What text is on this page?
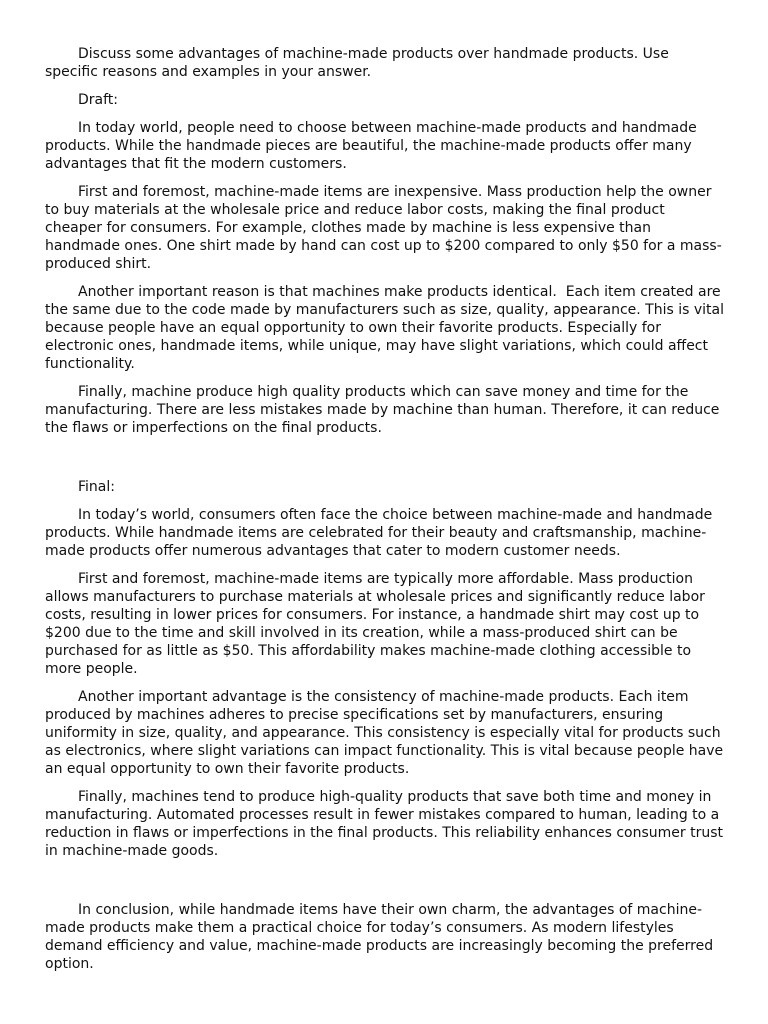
Discuss some advantages of machine-made products over handmade products. Use specific reasons and examples in your answer.

Draft:

In today world, people need to choose between machine-made products and handmade products. While the handmade pieces are beautiful, the machine-made products offer many advantages that fit the modern customers.

First and foremost, machine-made items are inexpensive. Mass production help the owner to buy materials at the wholesale price and reduce labor costs, making the final product cheaper for consumers. For example, clothes made by machine is less expensive than handmade ones. One shirt made by hand can cost up to $200 compared to only $50 for a mass-produced shirt.

Another important reason is that machines make products identical.  Each item created are the same due to the code made by manufacturers such as size, quality, appearance. This is vital because people have an equal opportunity to own their favorite products. Especially for electronic ones, handmade items, while unique, may have slight variations, which could affect functionality.

Finally, machine produce high quality products which can save money and time for the manufacturing. There are less mistakes made by machine than human. Therefore, it can reduce the flaws or imperfections on the final products.

Final:

In today’s world, consumers often face the choice between machine-made and handmade products. While handmade items are celebrated for their beauty and craftsmanship, machine-made products offer numerous advantages that cater to modern customer needs.

First and foremost, machine-made items are typically more affordable. Mass production allows manufacturers to purchase materials at wholesale prices and significantly reduce labor costs, resulting in lower prices for consumers. For instance, a handmade shirt may cost up to $200 due to the time and skill involved in its creation, while a mass-produced shirt can be purchased for as little as $50. This affordability makes machine-made clothing accessible to more people.

Another important advantage is the consistency of machine-made products. Each item produced by machines adheres to precise specifications set by manufacturers, ensuring uniformity in size, quality, and appearance. This consistency is especially vital for products such as electronics, where slight variations can impact functionality. This is vital because people have an equal opportunity to own their favorite products.

Finally, machines tend to produce high-quality products that save both time and money in manufacturing. Automated processes result in fewer mistakes compared to human, leading to a reduction in flaws or imperfections in the final products. This reliability enhances consumer trust in machine-made goods.

In conclusion, while handmade items have their own charm, the advantages of machine-made products make them a practical choice for today’s consumers. As modern lifestyles demand efficiency and value, machine-made products are increasingly becoming the preferred option.
